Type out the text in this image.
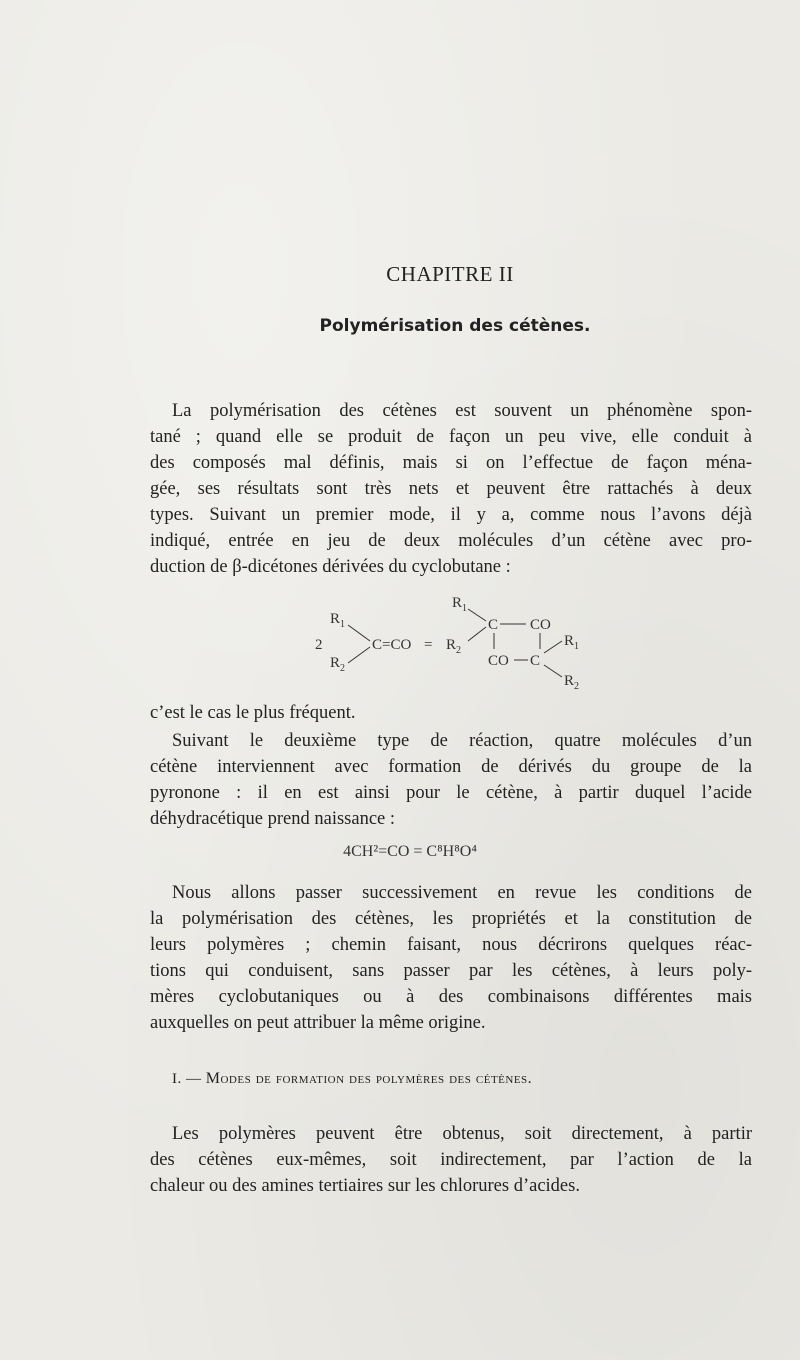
CHAPITRE II
Polymérisation des cétènes.
La polymérisation des cétènes est souvent un phénomène spon-
tané ; quand elle se produit de façon un peu vive, elle conduit à
des composés mal définis, mais si on l’effectue de façon ména-
gée, ses résultats sont très nets et peuvent être rattachés à deux
types. Suivant un premier mode, il y a, comme nous l’avons déjà
indiqué, entrée en jeu de deux molécules d’un cétène avec pro-
duction de β-dicétones dérivées du cyclobutane :
2
$R_1$
$R_2$
C=CO =
$R_1$
$R_2$
C CO
CO C
$R_1$
$R_2$
c’est le cas le plus fréquent.
Suivant le deuxième type de réaction, quatre molécules d’un
cétène interviennent avec formation de dérivés du groupe de la
pyronone : il en est ainsi pour le cétène, à partir duquel l’acide
déhydracétique prend naissance :
4CH²=CO = C⁸H⁸O⁴
Nous allons passer successivement en revue les conditions de
la polymérisation des cétènes, les propriétés et la constitution de
leurs polymères ; chemin faisant, nous décrirons quelques réac-
tions qui conduisent, sans passer par les cétènes, à leurs poly-
mères cyclobutaniques ou à des combinaisons différentes mais
auxquelles on peut attribuer la même origine.
I. — Modes de formation des polymères des cétènes.
Les polymères peuvent être obtenus, soit directement, à partir
des cétènes eux-mêmes, soit indirectement, par l’action de la
chaleur ou des amines tertiaires sur les chlorures d’acides.
